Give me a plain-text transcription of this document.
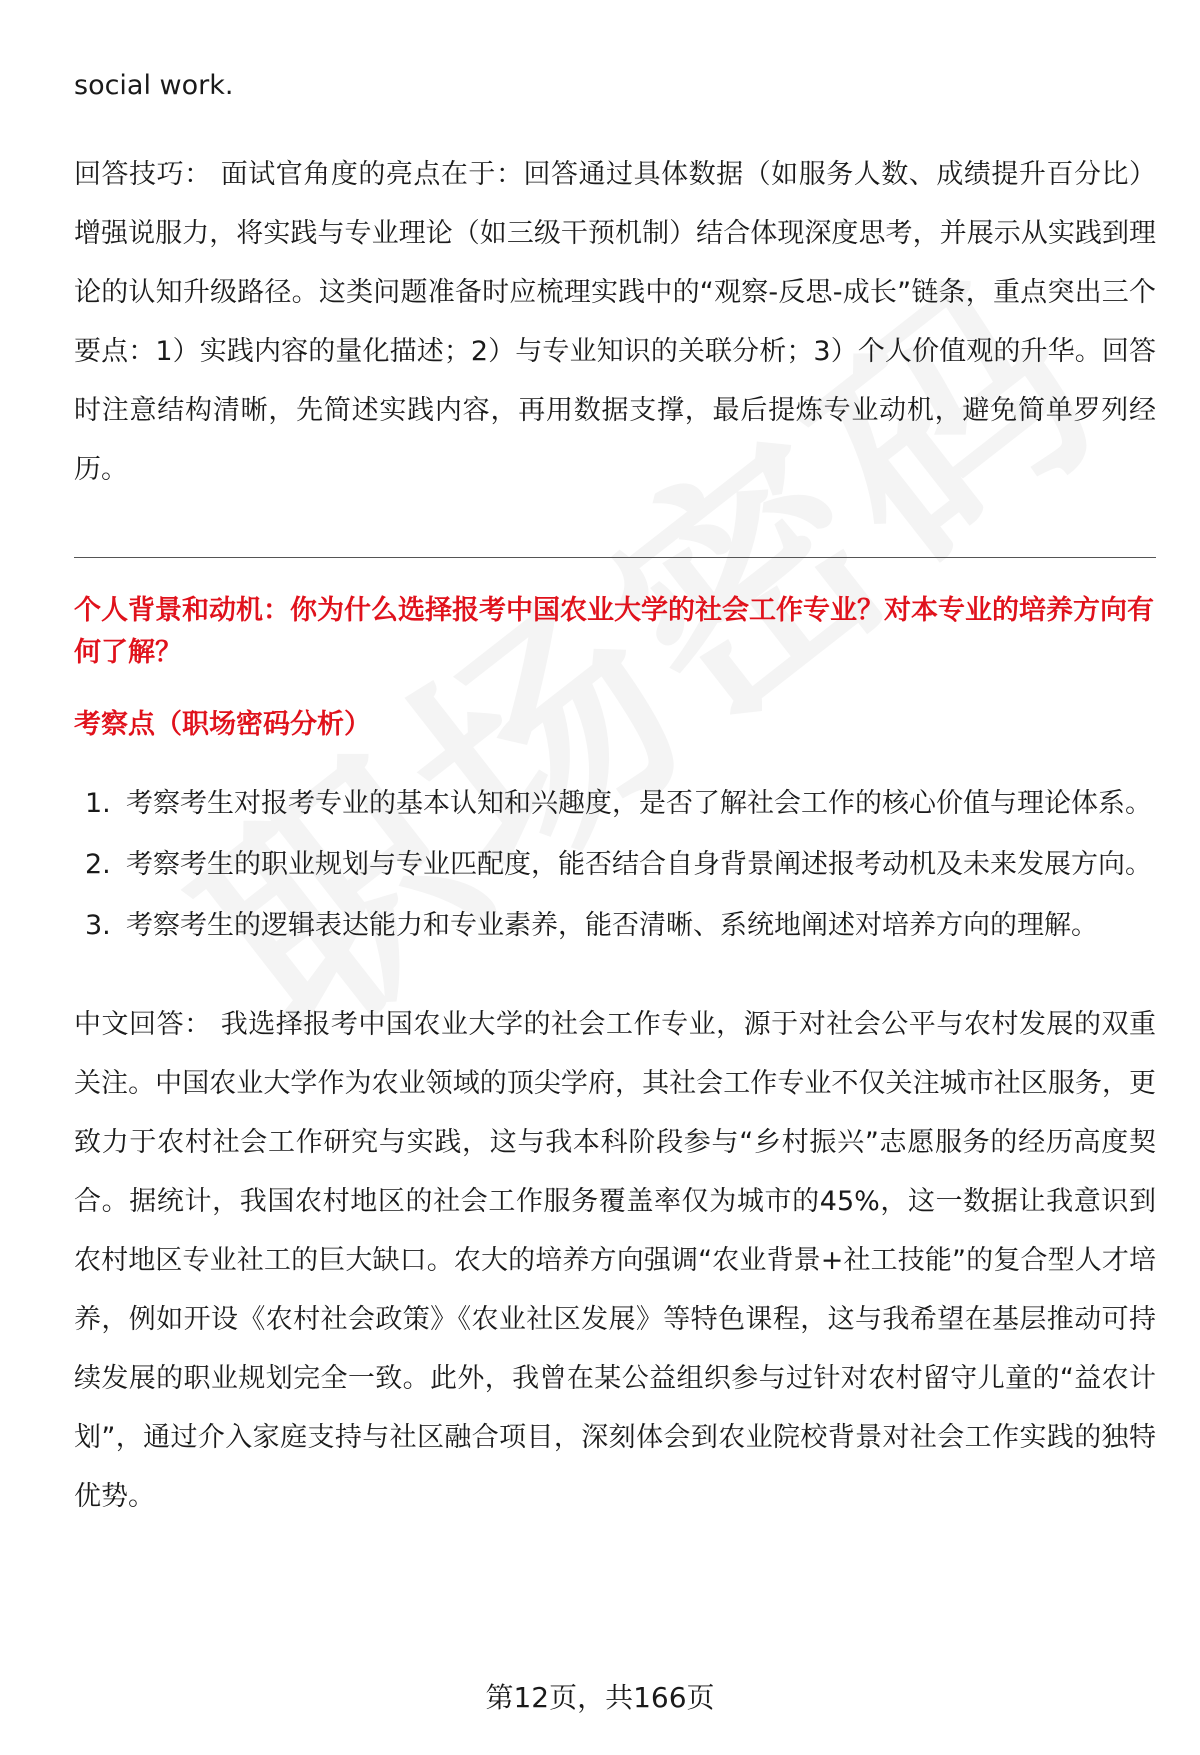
social work.

回答技巧： 面试官角度的亮点在于：回答通过具体数据（如服务人数、成绩提升百分比）增强说服力，将实践与专业理论（如三级干预机制）结合体现深度思考，并展示从实践到理论的认知升级路径。这类问题准备时应梳理实践中的“观察-反思-成长”链条，重点突出三个要点：1）实践内容的量化描述；2）与专业知识的关联分析；3）个人价值观的升华。回答时注意结构清晰，先简述实践内容，再用数据支撑，最后提炼专业动机，避免简单罗列经历。

个人背景和动机：你为什么选择报考中国农业大学的社会工作专业？对本专业的培养方向有何了解？

考察点（职场密码分析）

1. 考察考生对报考专业的基本认知和兴趣度，是否了解社会工作的核心价值与理论体系。
2. 考察考生的职业规划与专业匹配度，能否结合自身背景阐述报考动机及未来发展方向。
3. 考察考生的逻辑表达能力和专业素养，能否清晰、系统地阐述对培养方向的理解。

中文回答： 我选择报考中国农业大学的社会工作专业，源于对社会公平与农村发展的双重关注。中国农业大学作为农业领域的顶尖学府，其社会工作专业不仅关注城市社区服务，更致力于农村社会工作研究与实践，这与我本科阶段参与“乡村振兴”志愿服务的经历高度契合。据统计，我国农村地区的社会工作服务覆盖率仅为城市的45%，这一数据让我意识到农村地区专业社工的巨大缺口。农大的培养方向强调“农业背景+社工技能”的复合型人才培养，例如开设《农村社会政策》《农业社区发展》等特色课程，这与我希望在基层推动可持续发展的职业规划完全一致。此外，我曾在某公益组织参与过针对农村留守儿童的“益农计划”，通过介入家庭支持与社区融合项目，深刻体会到农业院校背景对社会工作实践的独特优势。

第12页，共166页
